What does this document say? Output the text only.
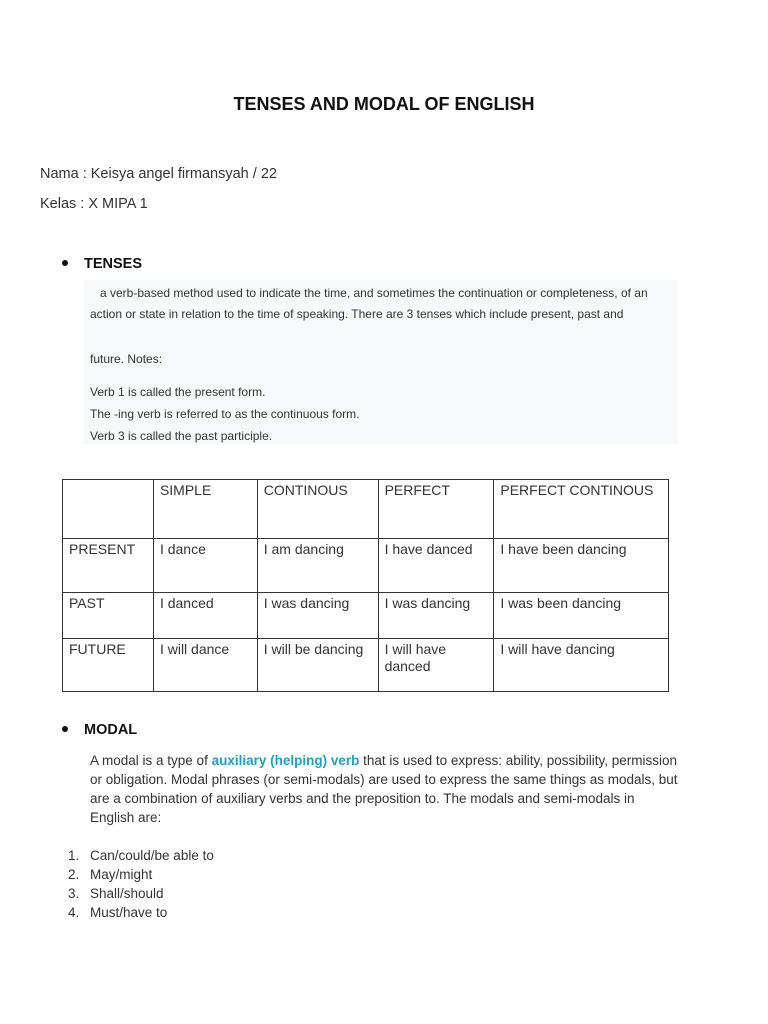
TENSES AND MODAL OF ENGLISH
Nama : Keisya angel firmansyah / 22
Kelas : X MIPA 1
TENSES
a verb-based method used to indicate the time, and sometimes the continuation or completeness, of an
action or state in relation to the time of speaking. There are 3 tenses which include present, past and
future. Notes:
Verb 1 is called the present form.
The -ing verb is referred to as the continuous form.
Verb 3 is called the past participle.
	SIMPLE	CONTINOUS	PERFECT	PERFECT CONTINOUS
PRESENT	I dance	I am dancing	I have danced	I have been dancing
PAST	I danced	I was dancing	I was dancing	I was been dancing
FUTURE	I will dance	I will be dancing	I will have danced	I will have dancing
MODAL
A modal is a type of auxiliary (helping) verb that is used to express: ability, possibility, permission or obligation. Modal phrases (or semi-modals) are used to express the same things as modals, but are a combination of auxiliary verbs and the preposition to. The modals and semi-modals in English are:
1. Can/could/be able to
2. May/might
3. Shall/should
4. Must/have to
